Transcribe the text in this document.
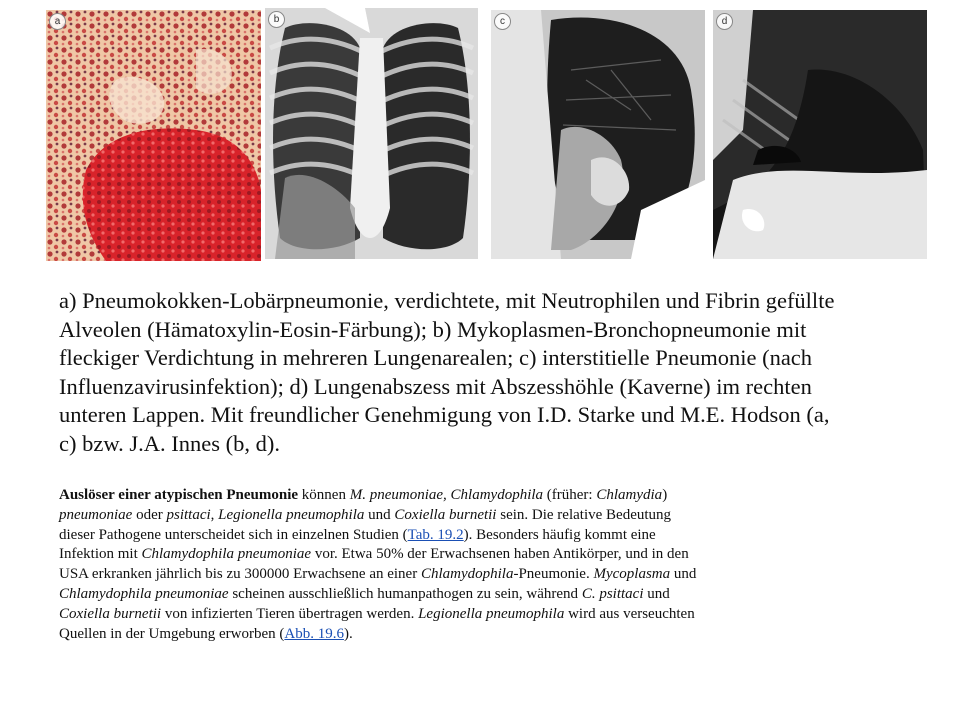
a	b	c	d

a) Pneumokokken-Lobärpneumonie, verdichtete, mit Neutrophilen und Fibrin gefüllte Alveolen (Hämatoxylin-Eosin-Färbung); b) Mykoplasmen-Bronchopneumonie mit fleckiger Verdichtung in mehreren Lungenarealen; c) interstitielle Pneumonie (nach Influenzavirusinfektion); d) Lungenabszess mit Abszesshöhle (Kaverne) im rechten unteren Lappen. Mit freundlicher Genehmigung von I.D. Starke und M.E. Hodson (a, c) bzw. J.A. Innes (b, d).

Auslöser einer atypischen Pneumonie können M. pneumoniae, Chlamydophila (früher: Chlamydia) pneumoniae oder psittaci, Legionella pneumophila und Coxiella burnetii sein. Die relative Bedeutung dieser Pathogene unterscheidet sich in einzelnen Studien (Tab. 19.2). Besonders häufig kommt eine Infektion mit Chlamydophila pneumoniae vor. Etwa 50% der Erwachsenen haben Antikörper, und in den USA erkranken jährlich bis zu 300000 Erwachsene an einer Chlamydophila-Pneumonie. Mycoplasma und Chlamydophila pneumoniae scheinen ausschließlich humanpathogen zu sein, während C. psittaci und Coxiella burnetii von infizierten Tieren übertragen werden. Legionella pneumophila wird aus verseuchten Quellen in der Umgebung erworben (Abb. 19.6).
